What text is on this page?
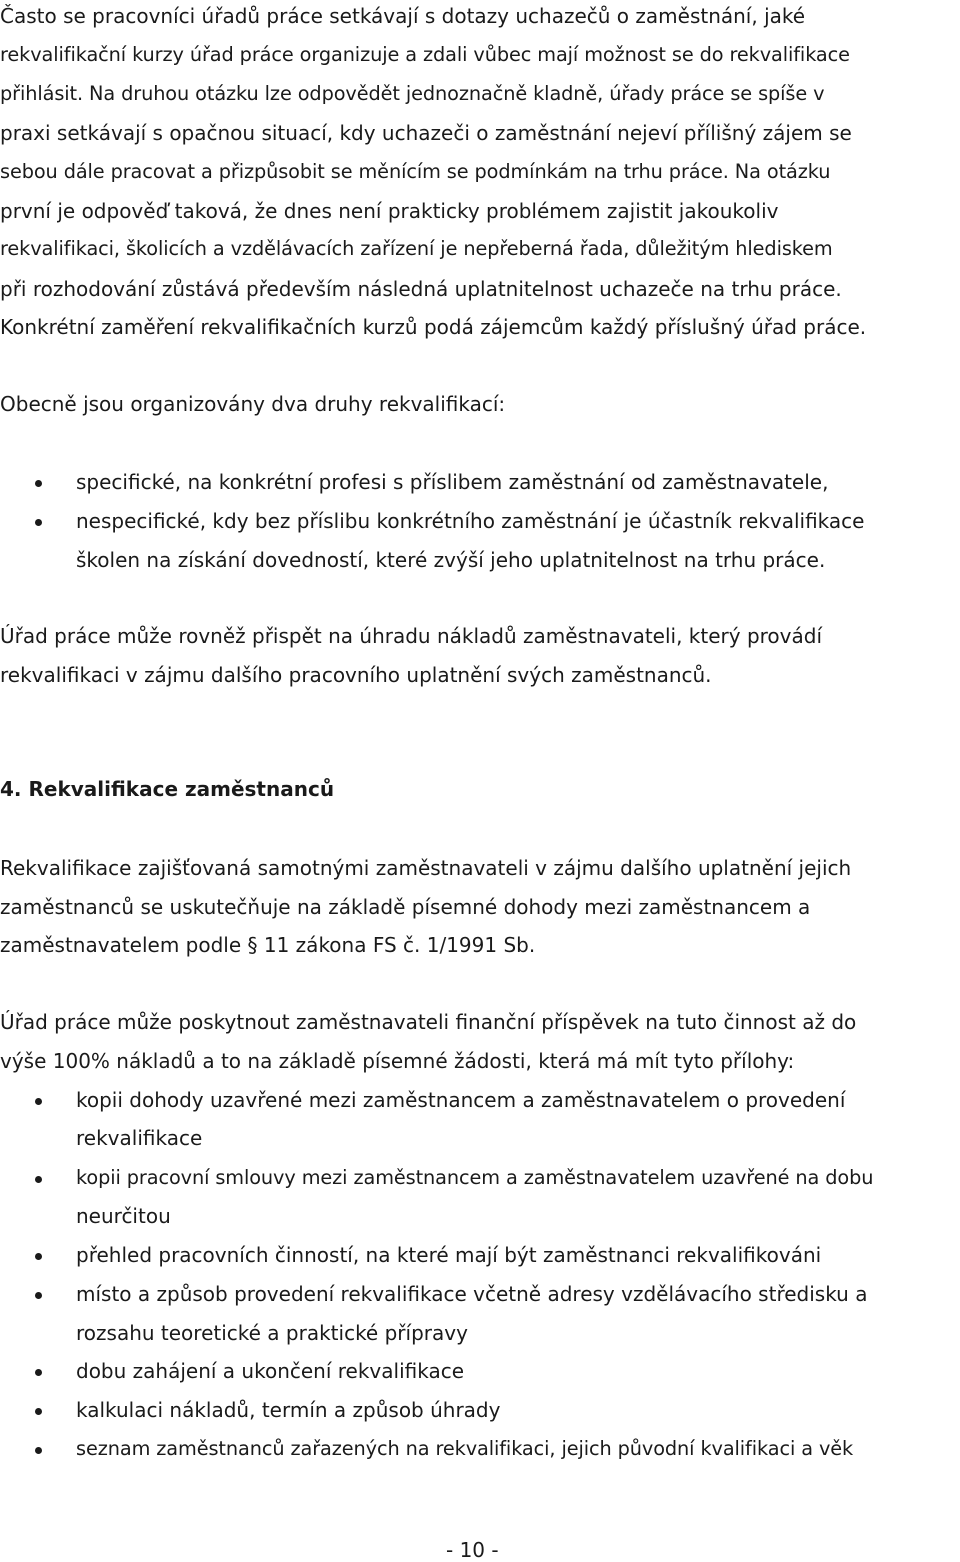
Často se pracovníci úřadů práce setkávají s dotazy uchazečů o zaměstnání, jaké
rekvalifikační kurzy úřad práce organizuje a zdali vůbec mají možnost se do rekvalifikace
přihlásit. Na druhou otázku lze odpovědět jednoznačně kladně, úřady práce se spíše v
praxi setkávají s opačnou situací, kdy uchazeči o zaměstnání nejeví přílišný zájem se
sebou dále pracovat a přizpůsobit se měnícím se podmínkám na trhu práce. Na otázku
první je odpověď taková, že dnes není prakticky problémem zajistit jakoukoliv
rekvalifikaci, školicích a vzdělávacích zařízení je nepřeberná řada, důležitým hlediskem
při rozhodování zůstává především následná uplatnitelnost uchazeče na trhu práce.
Konkrétní zaměření rekvalifikačních kurzů podá zájemcům každý příslušný úřad práce.
Obecně jsou organizovány dva druhy rekvalifikací:
specifické, na konkrétní profesi s příslibem zaměstnání od zaměstnavatele,
nespecifické, kdy bez příslibu konkrétního zaměstnání je účastník rekvalifikace
školen na získání dovedností, které zvýší jeho uplatnitelnost na trhu práce.
Úřad práce může rovněž přispět na úhradu nákladů zaměstnavateli, který provádí
rekvalifikaci v zájmu dalšího pracovního uplatnění svých zaměstnanců.
4. Rekvalifikace zaměstnanců
Rekvalifikace zajišťovaná samotnými zaměstnavateli v zájmu dalšího uplatnění jejich
zaměstnanců se uskutečňuje na základě písemné dohody mezi zaměstnancem a
zaměstnavatelem podle § 11 zákona FS č. 1/1991 Sb.
Úřad práce může poskytnout zaměstnavateli finanční příspěvek na tuto činnost až do
výše 100% nákladů a to na základě písemné žádosti, která má mít tyto přílohy:
kopii dohody uzavřené mezi zaměstnancem a zaměstnavatelem o provedení
rekvalifikace
kopii pracovní smlouvy mezi zaměstnancem a zaměstnavatelem uzavřené na dobu
neurčitou
přehled pracovních činností, na které mají být zaměstnanci rekvalifikováni
místo a způsob provedení rekvalifikace včetně adresy vzdělávacího středisku a
rozsahu teoretické a praktické přípravy
dobu zahájení a ukončení rekvalifikace
kalkulaci nákladů, termín a způsob úhrady
seznam zaměstnanců zařazených na rekvalifikaci, jejich původní kvalifikaci a věk
- 10 -
